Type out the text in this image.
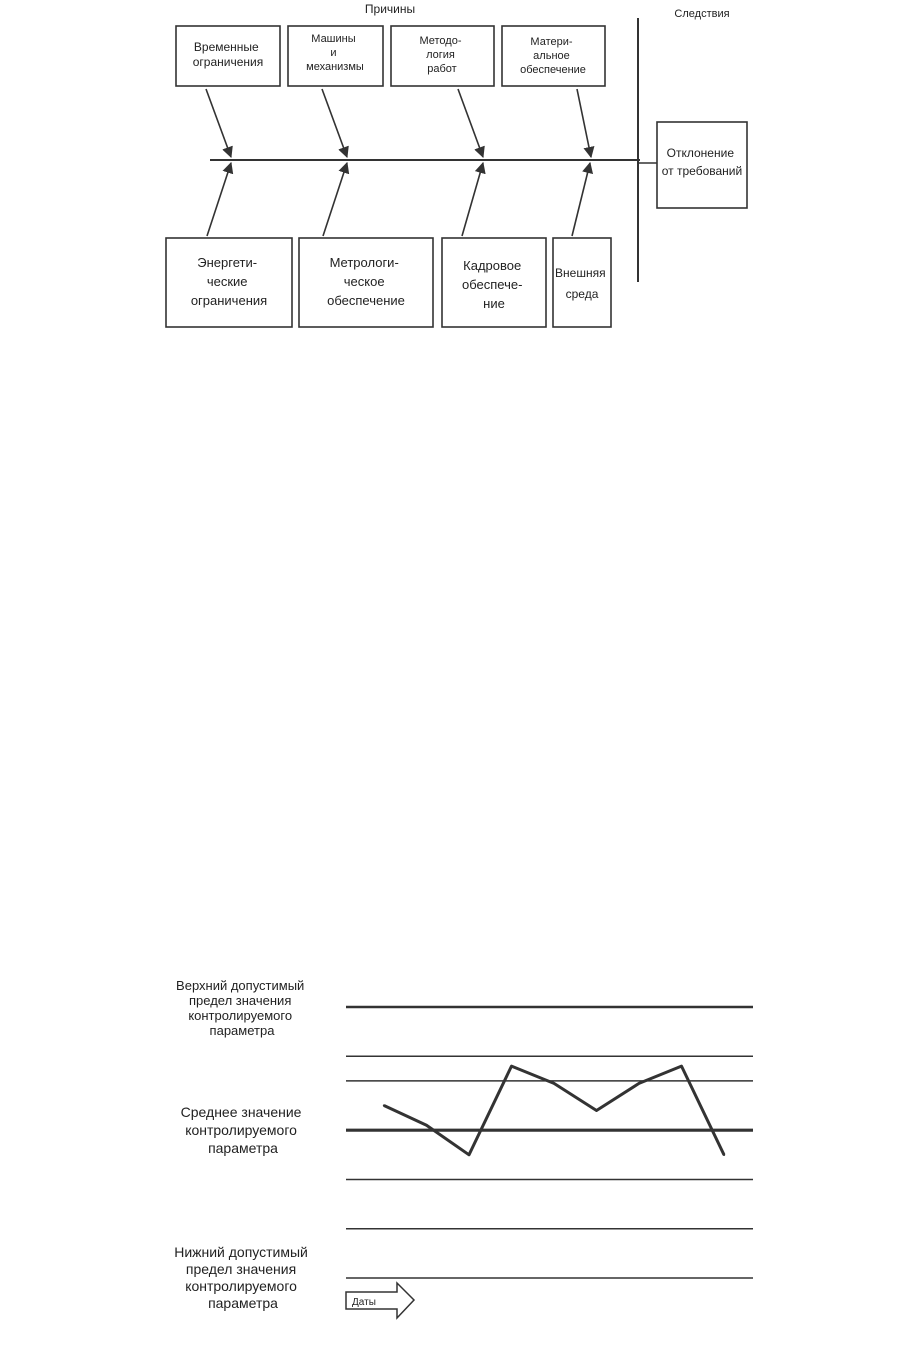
Причины	Следствия
Временные ограничения
Машины и механизмы
Методо- логия работ
Матери- альное обеспечение
Энергети- ческие ограничения
Метрологи- ческое обеспечение
Кадровое обеспече- ние
Внешняя среда
Отклонение от требований
Верхний допустимый предел значения контролируемого параметра
Среднее значение контролируемого параметра
Нижний допустимый предел значения контролируемого параметра	Даты
